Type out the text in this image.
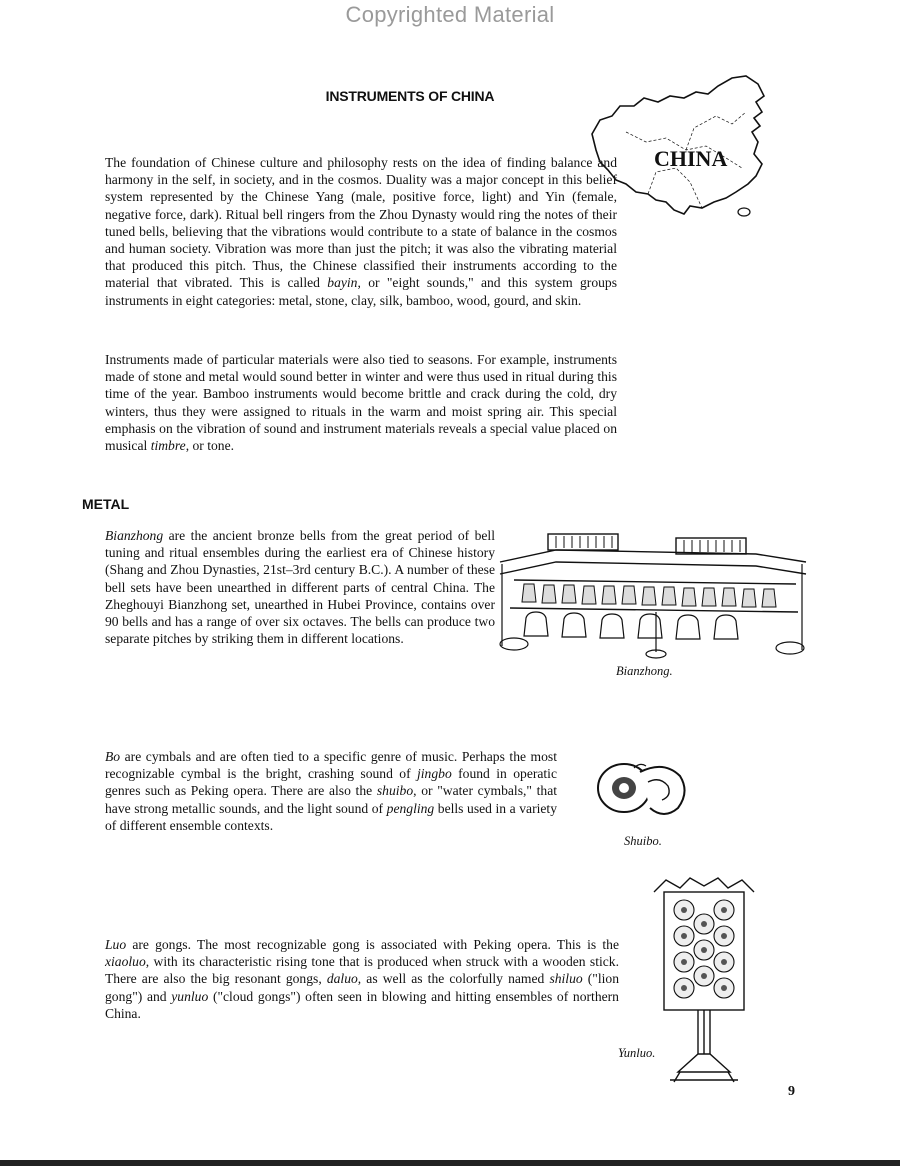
Copyrighted Material
CHINA
INSTRUMENTS OF CHINA

The foundation of Chinese culture and philosophy rests on the idea of finding balance and harmony in the self, in society, and in the cosmos. Duality was a major concept in this belief system represented by the Chinese Yang (male, positive force, light) and Yin (female, negative force, dark). Ritual bell ringers from the Zhou Dynasty would ring the notes of their tuned bells, believing that the vibrations would contribute to a state of balance in the cosmos and human society. Vibration was more than just the pitch; it was also the vibrating material that produced this pitch. Thus, the Chinese classified their instruments according to the material that vibrated. This is called bayin, or "eight sounds," and this system groups instruments in eight categories: metal, stone, clay, silk, bamboo, wood, gourd, and skin.

Instruments made of particular materials were also tied to seasons. For example, instruments made of stone and metal would sound better in winter and were thus used in ritual during this time of the year. Bamboo instruments would become brittle and crack during the cold, dry winters, thus they were assigned to rituals in the warm and moist spring air. This special emphasis on the vibration of sound and instrument materials reveals a special value placed on musical timbre, or tone.

METAL

Bianzhong are the ancient bronze bells from the great period of bell tuning and ritual ensembles during the earliest era of Chinese history (Shang and Zhou Dynasties, 21st–3rd century B.C.). A number of these bell sets have been unearthed in different parts of central China. The Zheghouyi Bianzhong set, unearthed in Hubei Province, contains over 90 bells and has a range of over six octaves. The bells can produce two separate pitches by striking them in different locations.

Bianzhong.

Bo are cymbals and are often tied to a specific genre of music. Perhaps the most recognizable cymbal is the bright, crashing sound of jingbo found in operatic genres such as Peking opera. There are also the shuibo, or "water cymbals," that have strong metallic sounds, and the light sound of pengling bells used in a variety of different ensemble contexts.

Shuibo.

Luo are gongs. The most recognizable gong is associated with Peking opera. This is the xiaoluo, with its characteristic rising tone that is produced when struck with a wooden stick. There are also the big resonant gongs, daluo, as well as the colorfully named shiluo ("lion gong") and yunluo ("cloud gongs") often seen in blowing and hitting ensembles of northern China.

Yunluo.
9
